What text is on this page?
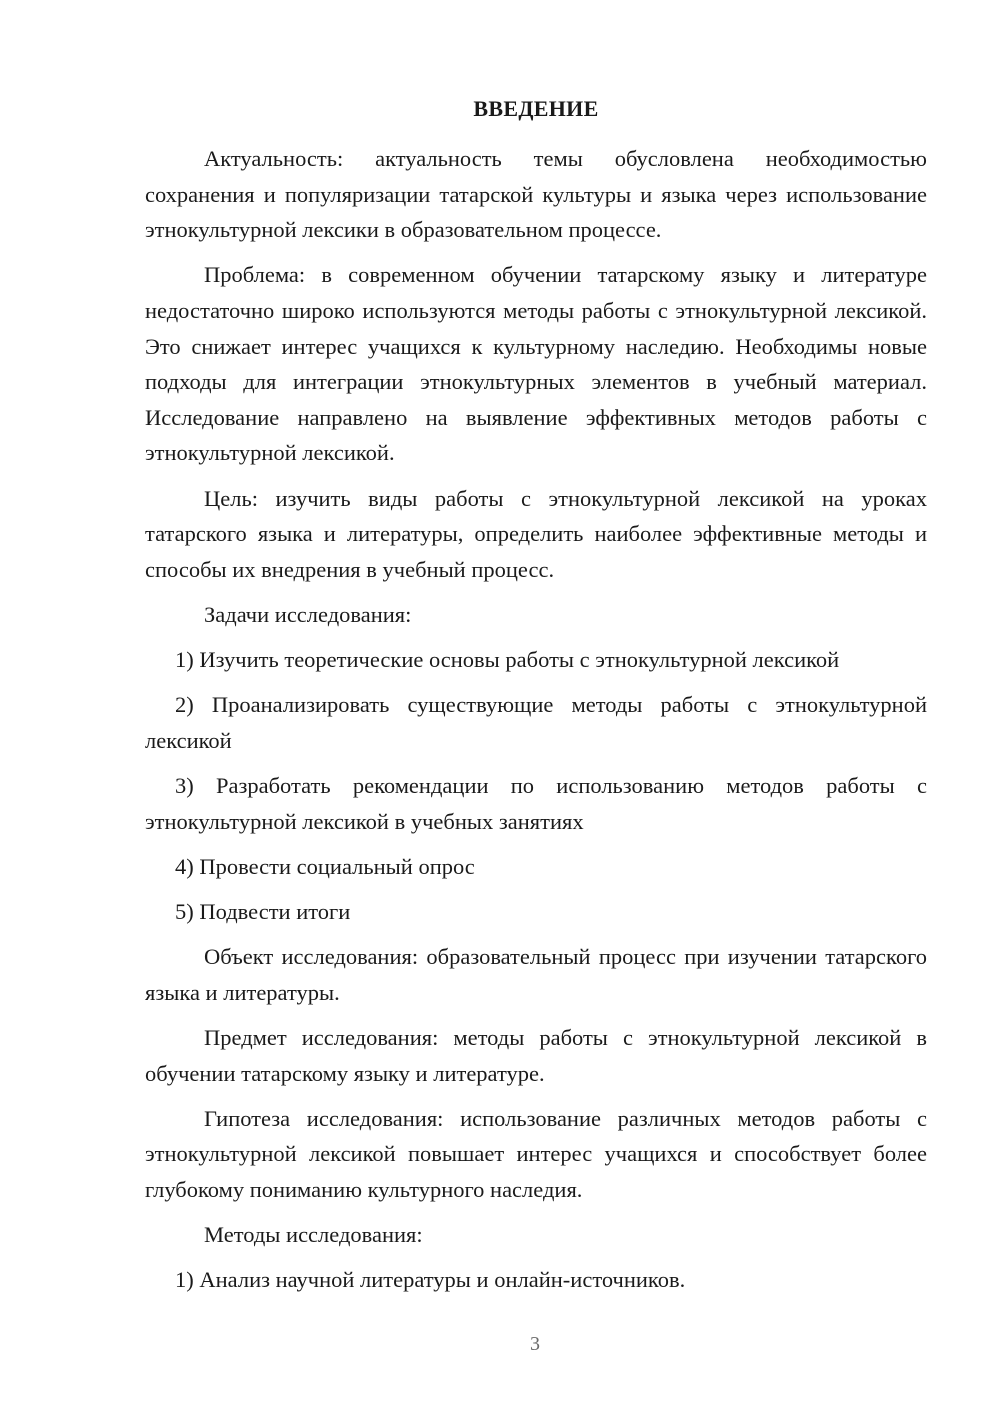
ВВЕДЕНИЕ

Актуальность: актуальность темы обусловлена необходимостью сохранения и популяризации татарской культуры и языка через использование этнокультурной лексики в образовательном процессе.

Проблема: в современном обучении татарскому языку и литературе недостаточно широко используются методы работы с этнокультурной лексикой. Это снижает интерес учащихся к культурному наследию. Необходимы новые подходы для интеграции этнокультурных элементов в учебный материал. Исследование направлено на выявление эффективных методов работы с этнокультурной лексикой.

Цель: изучить виды работы с этнокультурной лексикой на уроках татарского языка и литературы, определить наиболее эффективные методы и способы их внедрения в учебный процесс.

Задачи исследования:

1) Изучить теоретические основы работы с этнокультурной лексикой

2) Проанализировать существующие методы работы с этнокультурной лексикой

3) Разработать рекомендации по использованию методов работы с этнокультурной лексикой в учебных занятиях

4) Провести социальный опрос

5) Подвести итоги

Объект исследования: образовательный процесс при изучении татарского языка и литературы.

Предмет исследования: методы работы с этнокультурной лексикой в обучении татарскому языку и литературе.

Гипотеза исследования: использование различных методов работы с этнокультурной лексикой повышает интерес учащихся и способствует более глубокому пониманию культурного наследия.

Методы исследования:

1) Анализ научной литературы и онлайн-источников.

3
